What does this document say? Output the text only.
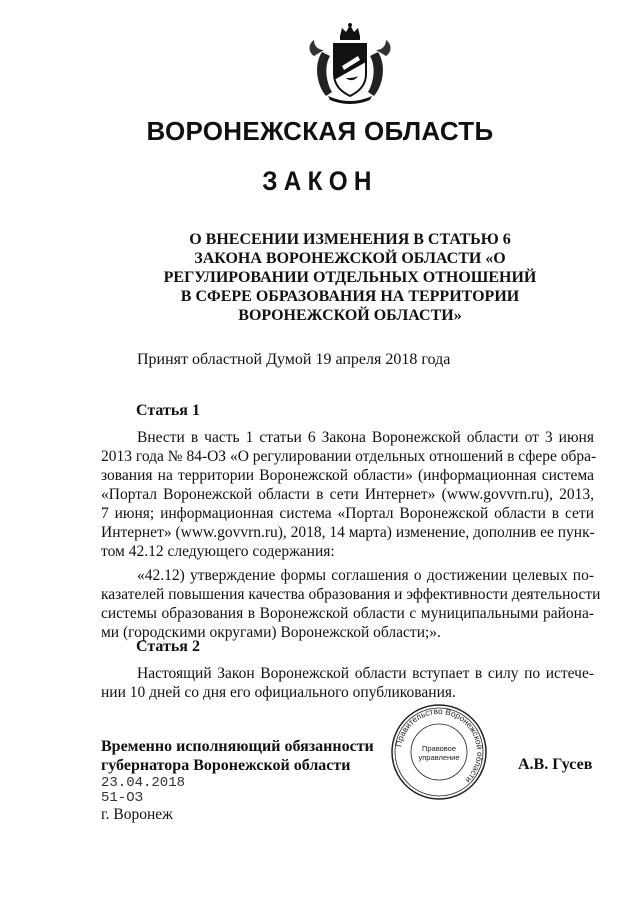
ВОРОНЕЖСКАЯ ОБЛАСТЬ
ЗАКОН
О ВНЕСЕНИИ ИЗМЕНЕНИЯ В СТАТЬЮ 6
ЗАКОНА ВОРОНЕЖСКОЙ ОБЛАСТИ «О
РЕГУЛИРОВАНИИ ОТДЕЛЬНЫХ ОТНОШЕНИЙ
В СФЕРЕ ОБРАЗОВАНИЯ НА ТЕРРИТОРИИ
ВОРОНЕЖСКОЙ ОБЛАСТИ»
Принят областной Думой 19 апреля 2018 года
Статья 1
Внести в часть 1 статьи 6 Закона Воронежской области от 3 июня
2013 года № 84-ОЗ «О регулировании отдельных отношений в сфере обра-
зования на территории Воронежской области» (информационная система
«Портал Воронежской области в сети Интернет» (www.govvrn.ru), 2013,
7 июня; информационная система «Портал Воронежской области в сети
Интернет» (www.govvrn.ru), 2018, 14 марта) изменение, дополнив ее пунк-
том 42.12 следующего содержания:
«42.12) утверждение формы соглашения о достижении целевых по-
казателей повышения качества образования и эффективности деятельности
системы образования в Воронежской области с муниципальными района-
ми (городскими округами) Воронежской области;».
Статья 2
Настоящий Закон Воронежской области вступает в силу по истече-
нии 10 дней со дня его официального опубликования.
Временно исполняющий обязанности
губернатора Воронежской области
23.04.2018
51-ОЗ
г. Воронеж
Правительство Воронежской области
Правовое
управление	А.В. Гусев
